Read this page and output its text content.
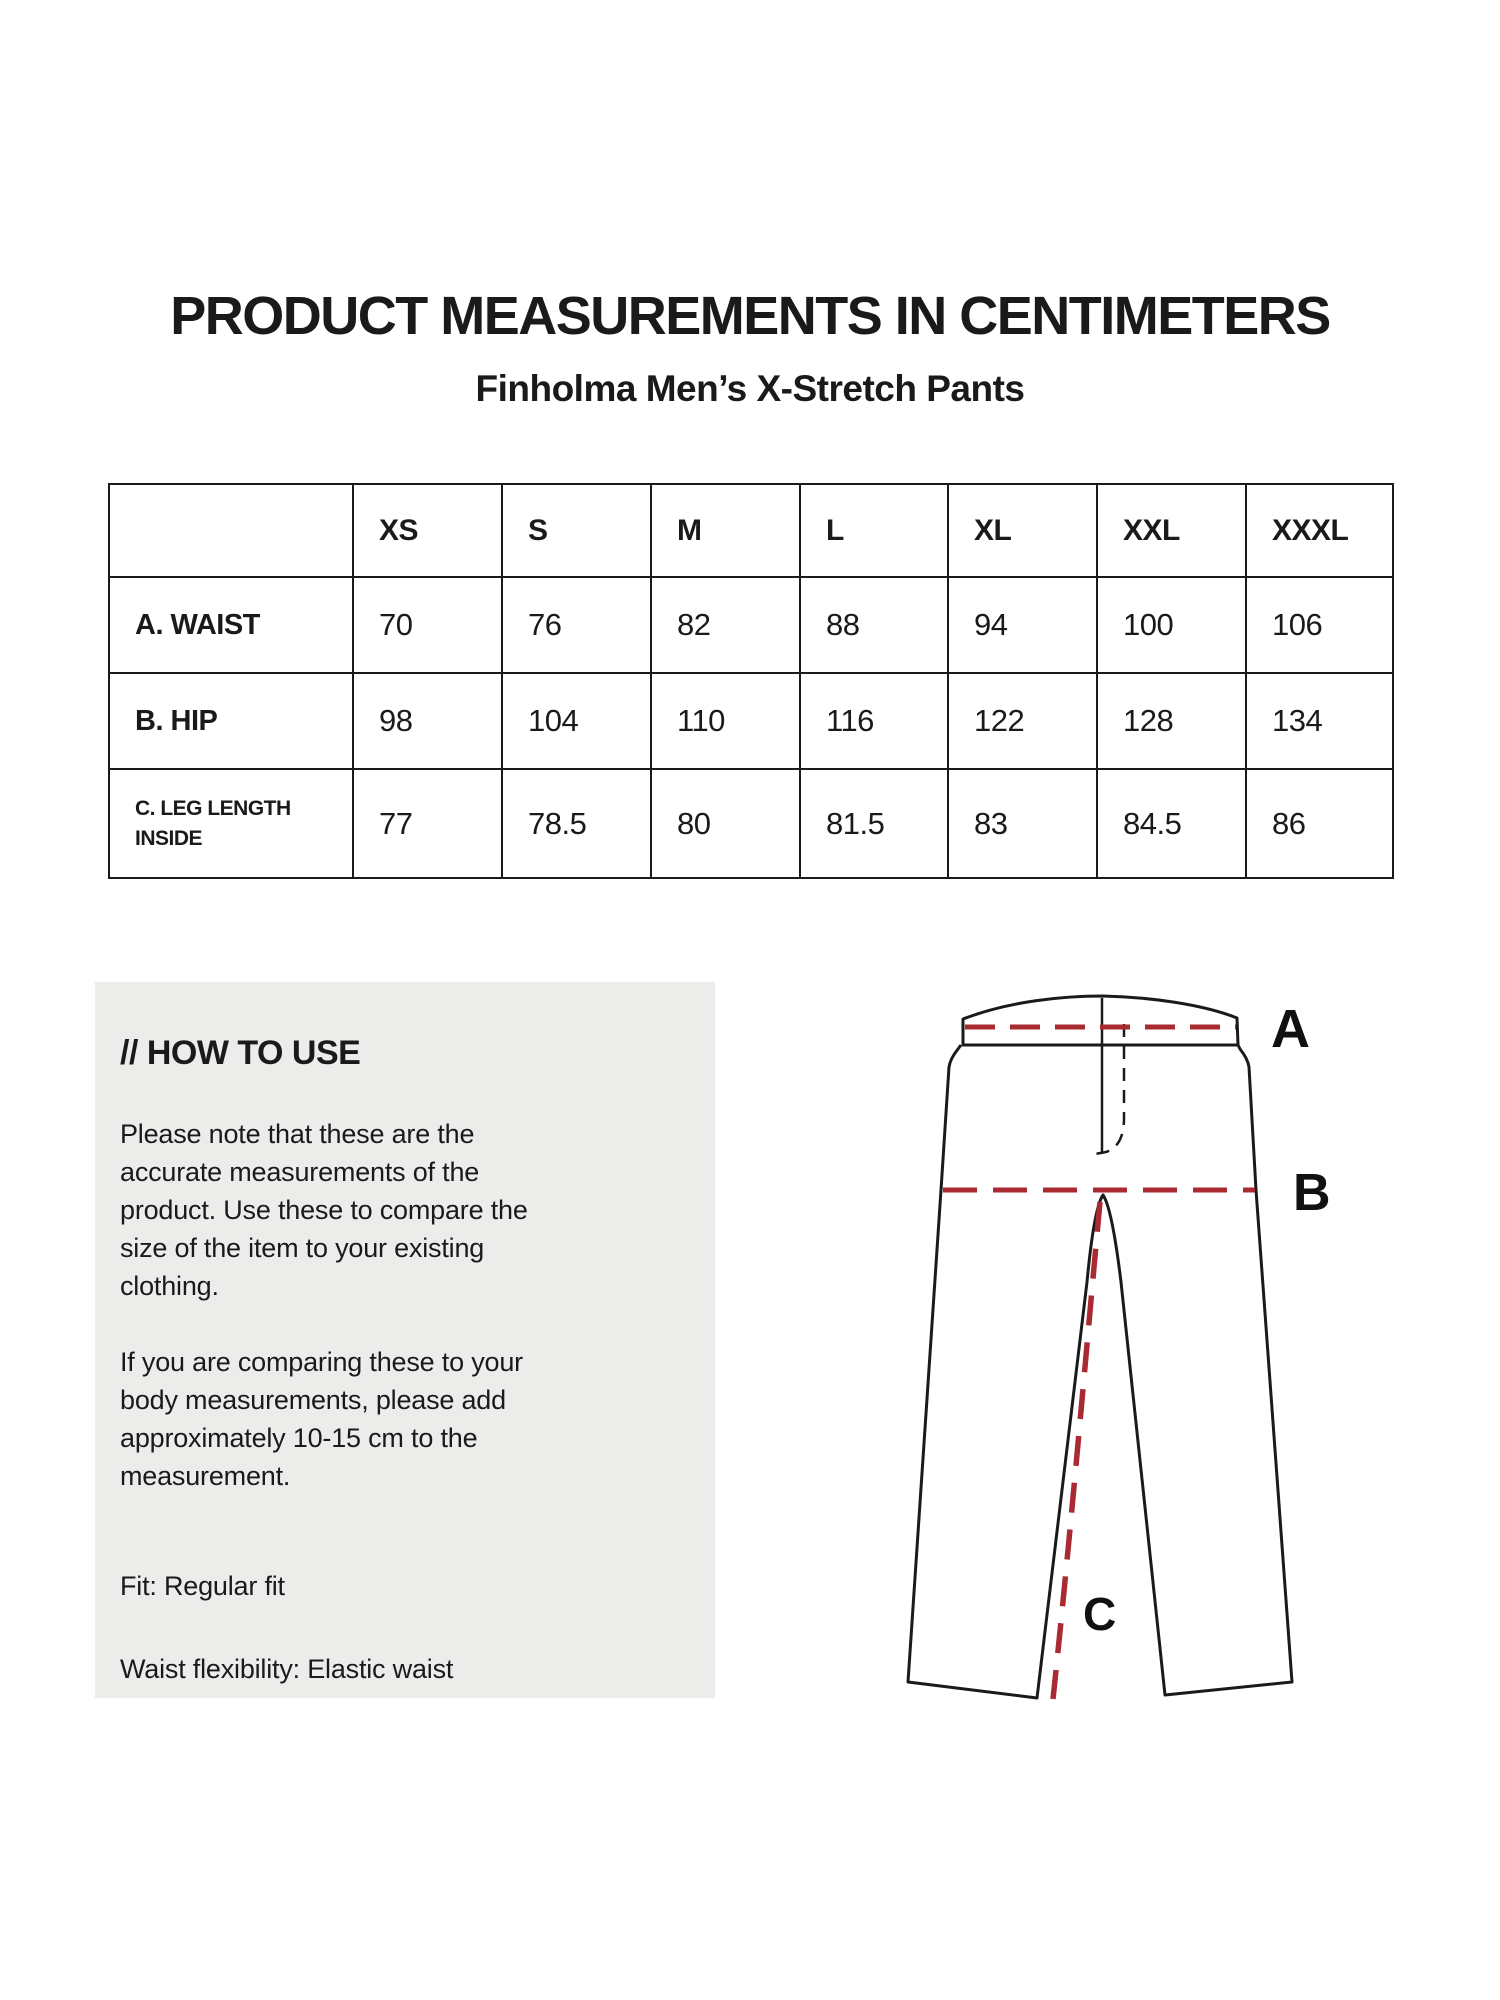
PRODUCT MEASUREMENTS IN CENTIMETERS
Finholma Men’s X-Stretch Pants
	XS	S	M	L	XL	XXL	XXXL
A. WAIST	70	76	82	88	94	100	106
B. HIP	98	104	110	116	122	128	134
C. LEG LENGTH INSIDE	77	78.5	80	81.5	83	84.5	86
// HOW TO USE

Please note that these are the accurate measurements of the product. Use these to compare the size of the item to your existing clothing.

If you are comparing these to your body measurements, please add approximately 10-15 cm to the measurement.

Fit: Regular fit

Waist flexibility: Elastic waist

A
B
C
